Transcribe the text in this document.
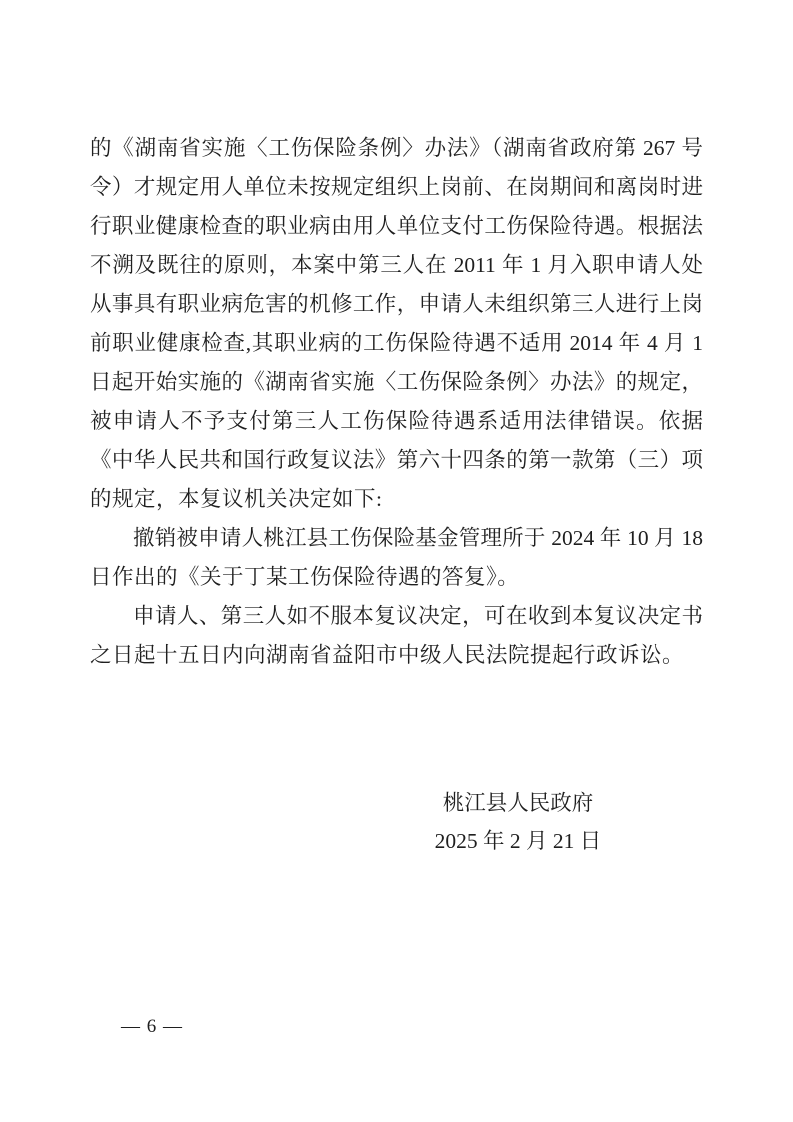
的《湖南省实施〈工伤保险条例〉办法》（湖南省政府第 267 号
令）才规定用人单位未按规定组织上岗前、在岗期间和离岗时进
行职业健康检查的职业病由用人单位支付工伤保险待遇。根据法
不溯及既往的原则，本案中第三人在 2011 年 1 月入职申请人处
从事具有职业病危害的机修工作，申请人未组织第三人进行上岗
前职业健康检查,其职业病的工伤保险待遇不适用 2014 年 4 月 1
日起开始实施的《湖南省实施〈工伤保险条例〉办法》的规定，
被申请人不予支付第三人工伤保险待遇系适用法律错误。依据
《中华人民共和国行政复议法》第六十四条的第一款第（三）项
的规定，本复议机关决定如下:
撤销被申请人桃江县工伤保险基金管理所于 2024 年 10 月 18
日作出的《关于丁某工伤保险待遇的答复》。
申请人、第三人如不服本复议决定，可在收到本复议决定书
之日起十五日内向湖南省益阳市中级人民法院提起行政诉讼。
桃江县人民政府
2025 年 2 月 21 日
— 6 —
